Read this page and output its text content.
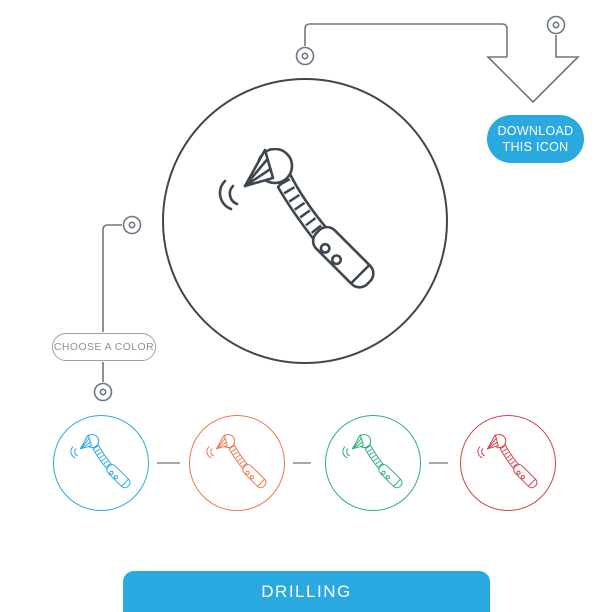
CHOOSE A COLOR
DOWNLOAD
THIS ICON
DRILLING
